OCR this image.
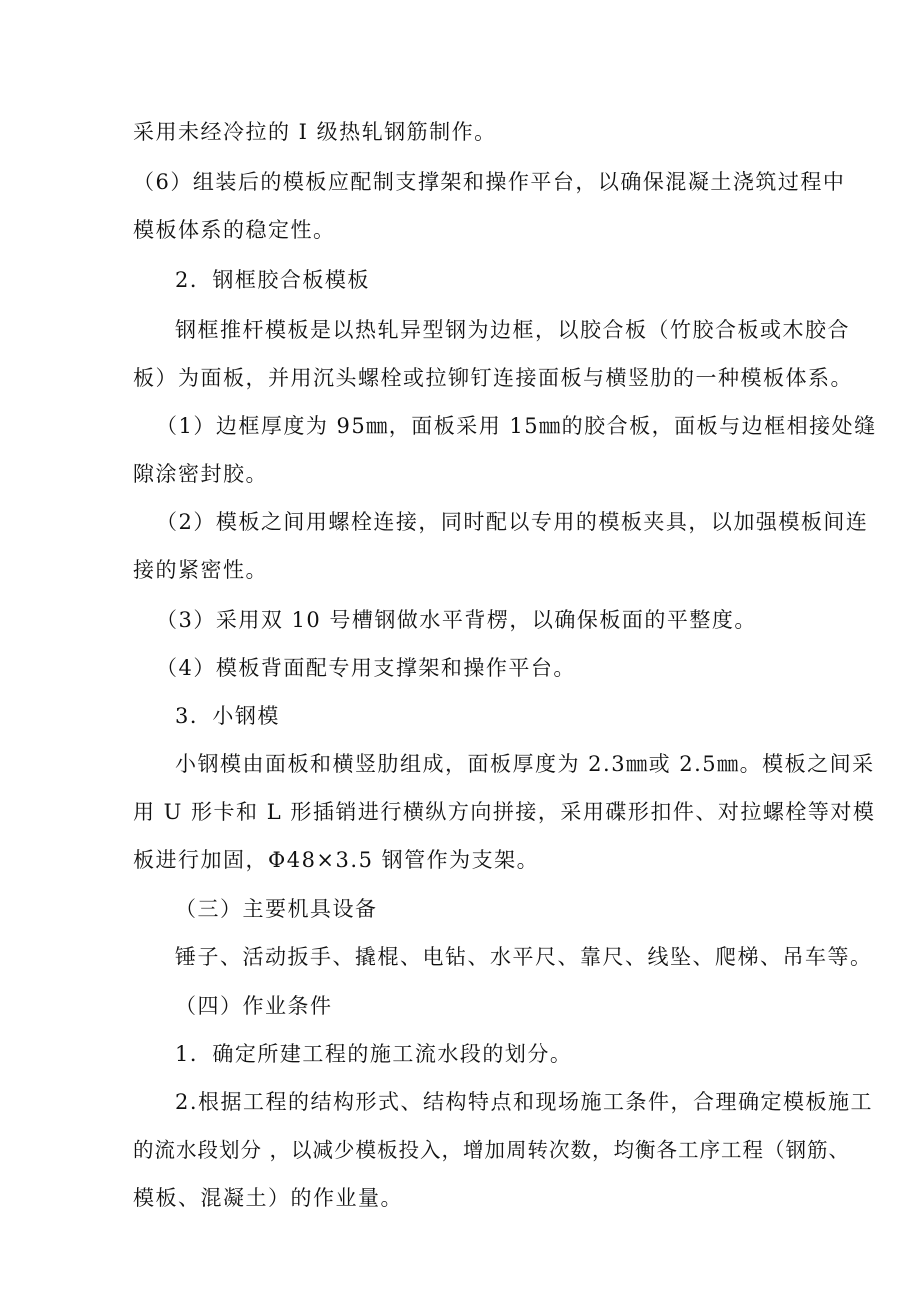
采用未经冷拉的 I 级热轧钢筋制作。
（6）组装后的模板应配制支撑架和操作平台，以确保混凝土浇筑过程中
模板体系的稳定性。
2．钢框胶合板模板
钢框推杆模板是以热轧异型钢为边框，以胶合板（竹胶合板或木胶合
板）为面板，并用沉头螺栓或拉铆钉连接面板与横竖肋的一种模板体系。
（1）边框厚度为 95㎜，面板采用 15㎜的胶合板，面板与边框相接处缝
隙涂密封胶。
（2）模板之间用螺栓连接，同时配以专用的模板夹具，以加强模板间连
接的紧密性。
（3）采用双 10 号槽钢做水平背楞，以确保板面的平整度。
（4）模板背面配专用支撑架和操作平台。
3．小钢模
小钢模由面板和横竖肋组成，面板厚度为 2.3㎜或 2.5㎜。模板之间采
用 U 形卡和 L 形插销进行横纵方向拼接，采用碟形扣件、对拉螺栓等对模
板进行加固，Φ48×3.5 钢管作为支架。
（三）主要机具设备
锤子、活动扳手、撬棍、电钻、水平尺、靠尺、线坠、爬梯、吊车等。
（四）作业条件
1．确定所建工程的施工流水段的划分。
2.根据工程的结构形式、结构特点和现场施工条件，合理确定模板施工
的流水段划分 ，以减少模板投入，增加周转次数，均衡各工序工程（钢筋、
模板、混凝土）的作业量。
